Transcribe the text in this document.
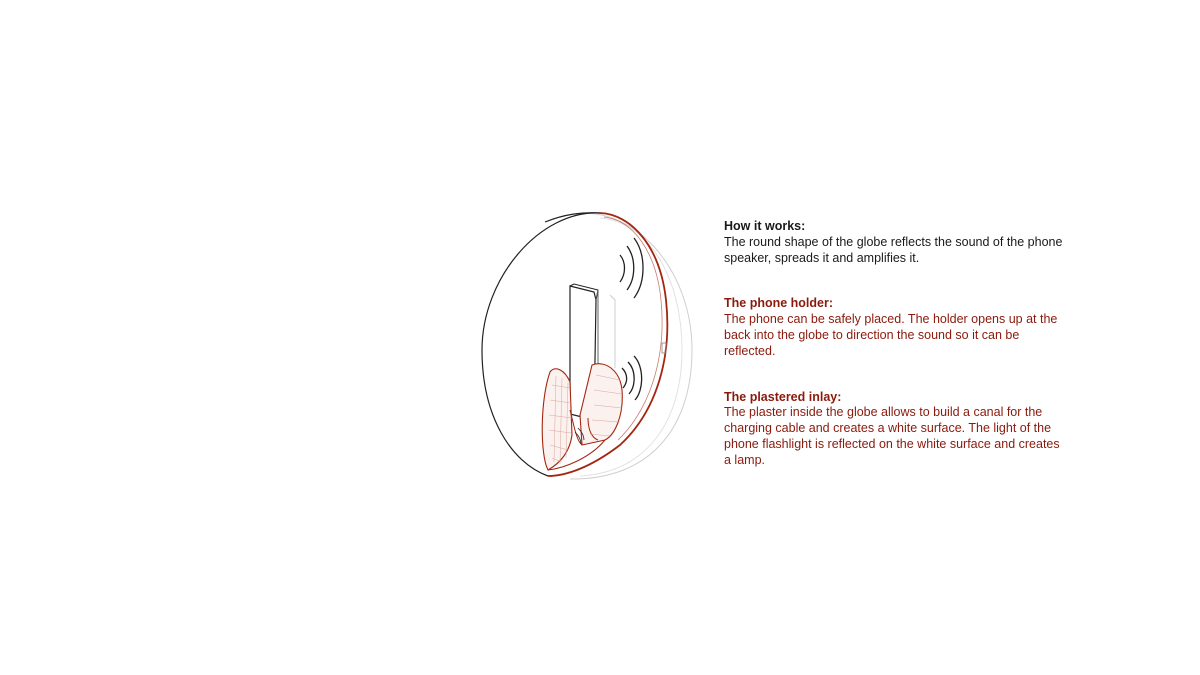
How it works:

The round shape of the globe reflects the sound of the phone speaker, spreads it and amplifies it.

The phone holder:

The phone can be safely placed. The holder opens up at the back into the globe to direction the sound so it can be reflected.

The plastered inlay:

The plaster inside the globe allows to build a canal for the charging cable and creates a white surface. The light of the phone flashlight is reflected on the white surface and creates a lamp.
